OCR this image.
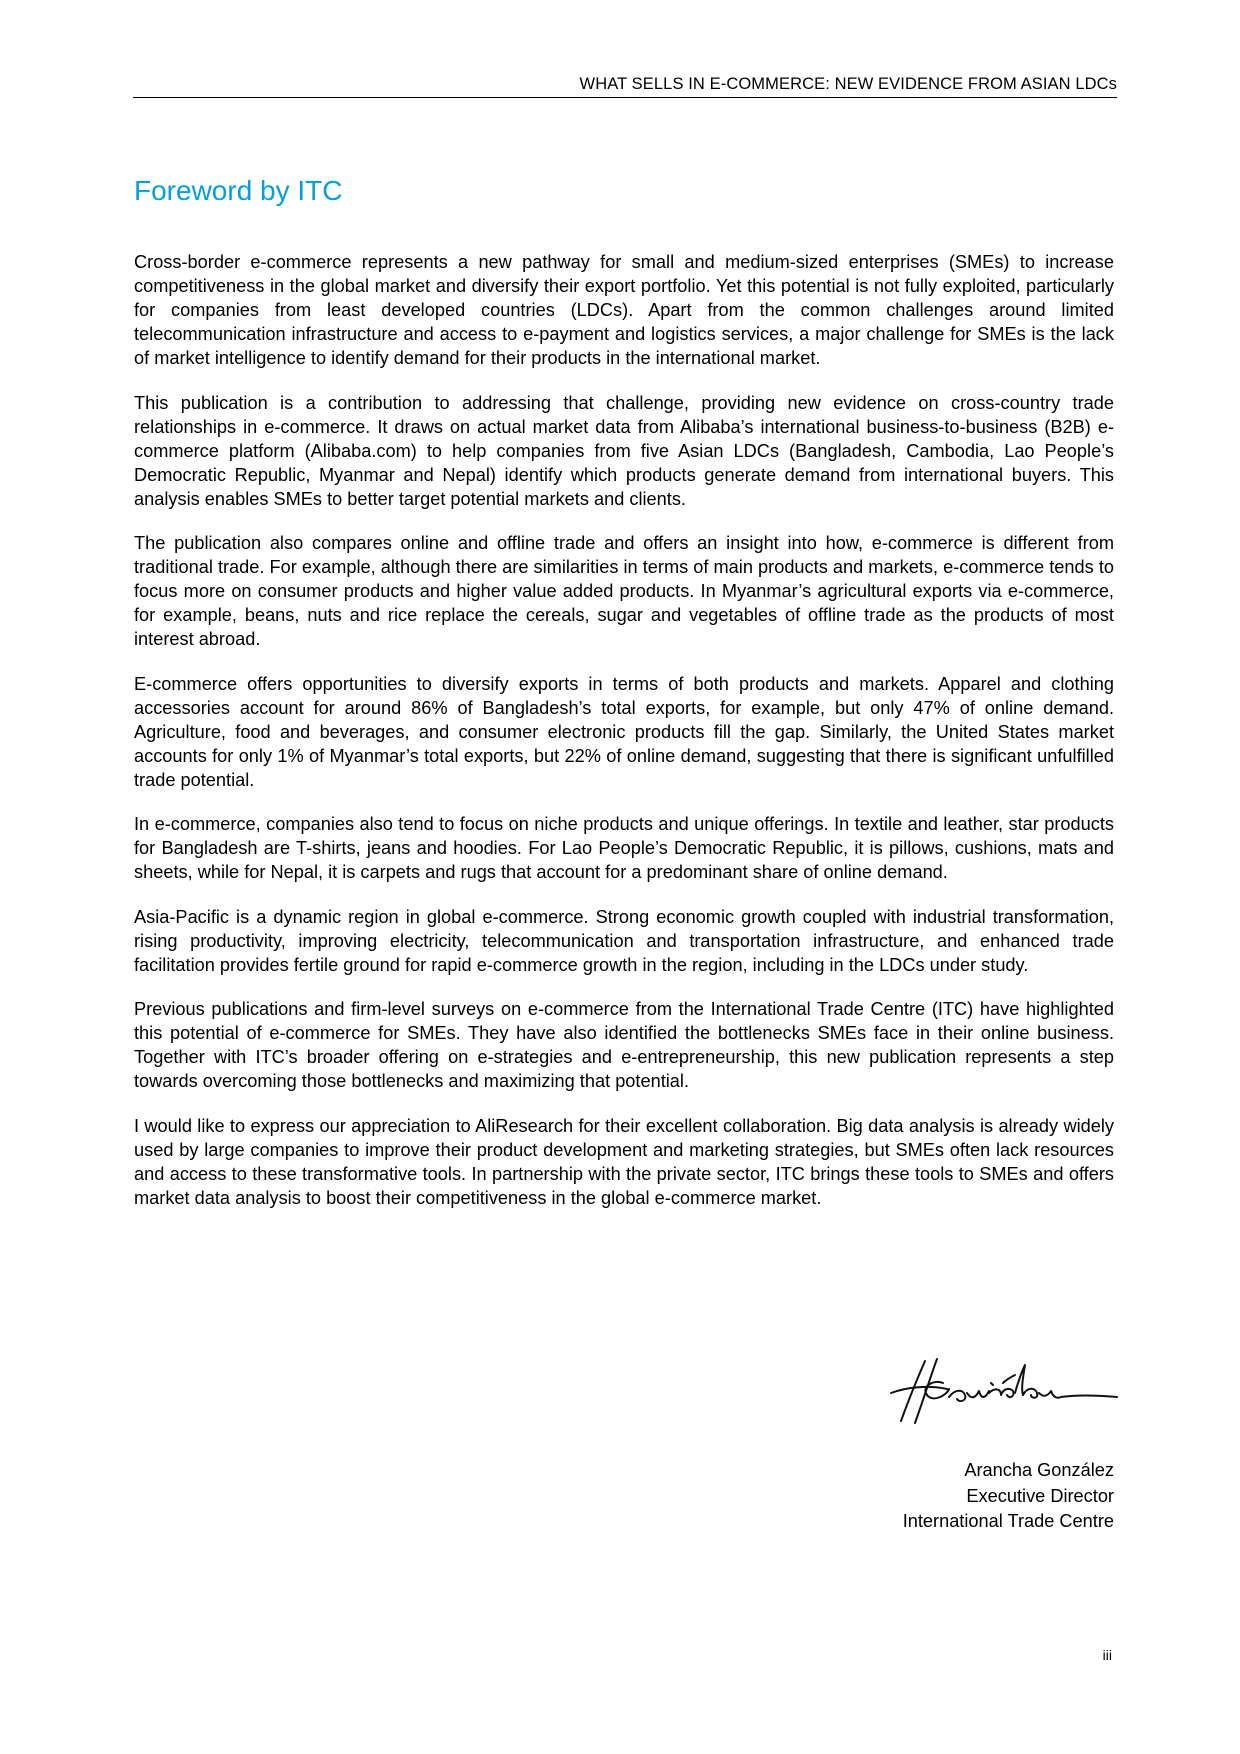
WHAT SELLS IN E-COMMERCE: NEW EVIDENCE FROM ASIAN LDCs
Foreword by ITC

Cross-border e-commerce represents a new pathway for small and medium-sized enterprises (SMEs) to increase competitiveness in the global market and diversify their export portfolio. Yet this potential is not fully exploited, particularly for companies from least developed countries (LDCs). Apart from the common challenges around limited telecommunication infrastructure and access to e-payment and logistics services, a major challenge for SMEs is the lack of market intelligence to identify demand for their products in the international market.

This publication is a contribution to addressing that challenge, providing new evidence on cross-country trade relationships in e-commerce. It draws on actual market data from Alibaba’s international business-to-business (B2B) e-commerce platform (Alibaba.com) to help companies from five Asian LDCs (Bangladesh, Cambodia, Lao People’s Democratic Republic, Myanmar and Nepal) identify which products generate demand from international buyers. This analysis enables SMEs to better target potential markets and clients.

The publication also compares online and offline trade and offers an insight into how, e-commerce is different from traditional trade. For example, although there are similarities in terms of main products and markets, e-commerce tends to focus more on consumer products and higher value added products. In Myanmar’s agricultural exports via e-commerce, for example, beans, nuts and rice replace the cereals, sugar and vegetables of offline trade as the products of most interest abroad.

E-commerce offers opportunities to diversify exports in terms of both products and markets. Apparel and clothing accessories account for around 86% of Bangladesh’s total exports, for example, but only 47% of online demand. Agriculture, food and beverages, and consumer electronic products fill the gap. Similarly, the United States market accounts for only 1% of Myanmar’s total exports, but 22% of online demand, suggesting that there is significant unfulfilled trade potential.

In e-commerce, companies also tend to focus on niche products and unique offerings. In textile and leather, star products for Bangladesh are T-shirts, jeans and hoodies. For Lao People’s Democratic Republic, it is pillows, cushions, mats and sheets, while for Nepal, it is carpets and rugs that account for a predominant share of online demand.

Asia-Pacific is a dynamic region in global e-commerce. Strong economic growth coupled with industrial transformation, rising productivity, improving electricity, telecommunication and transportation infrastructure, and enhanced trade facilitation provides fertile ground for rapid e-commerce growth in the region, including in the LDCs under study.

Previous publications and firm-level surveys on e-commerce from the International Trade Centre (ITC) have highlighted this potential of e-commerce for SMEs. They have also identified the bottlenecks SMEs face in their online business. Together with ITC’s broader offering on e-strategies and e-entrepreneurship, this new publication represents a step towards overcoming those bottlenecks and maximizing that potential.

I would like to express our appreciation to AliResearch for their excellent collaboration. Big data analysis is already widely used by large companies to improve their product development and marketing strategies, but SMEs often lack resources and access to these transformative tools. In partnership with the private sector, ITC brings these tools to SMEs and offers market data analysis to boost their competitiveness in the global e-commerce market.

Arancha González
Executive Director
International Trade Centre
iii
